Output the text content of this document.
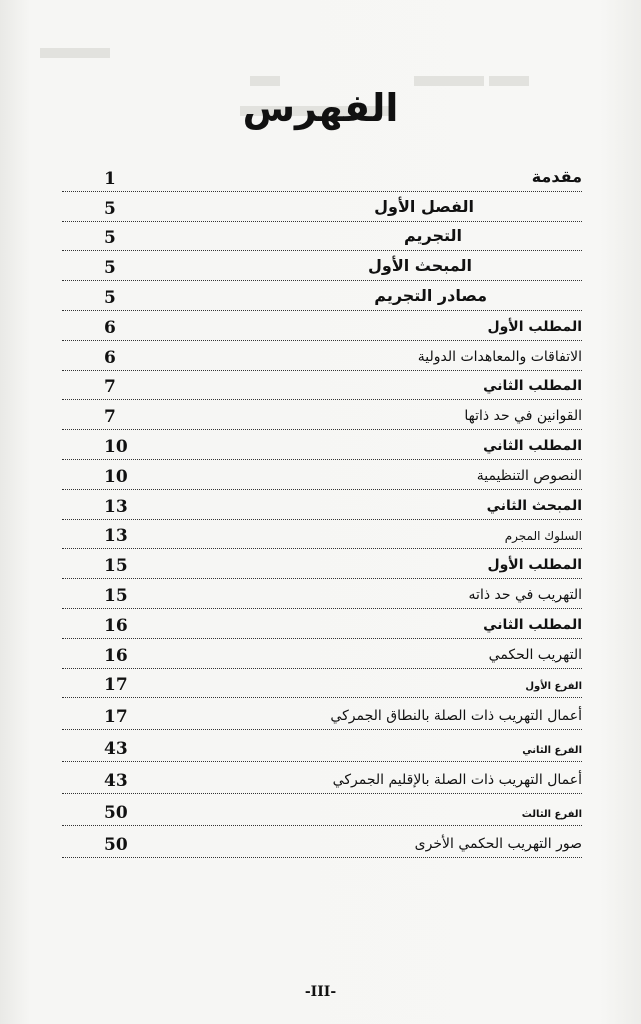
الفهرس
1	مقدمة
5	الفصل الأول
5	التجريم
5	المبحث الأول
5	مصادر التجريم
6	المطلب الأول
6	الاتفاقات والمعاهدات الدولية
7	المطلب الثاني
7	القوانين في حد ذاتها
10	المطلب الثاني
10	النصوص التنظيمية
13	المبحث الثاني
13	السلوك المجرم
15	المطلب الأول
15	التهريب في حد ذاته
16	المطلب الثاني
16	التهريب الحكمي
17	الفرع الأول
17	أعمال التهريب ذات الصلة بالنطاق الجمركي
43	الفرع الثاني
43	أعمال التهريب ذات الصلة بالإقليم الجمركي
50	الفرع الثالث
50	صور التهريب الحكمي الأخرى
-III-
